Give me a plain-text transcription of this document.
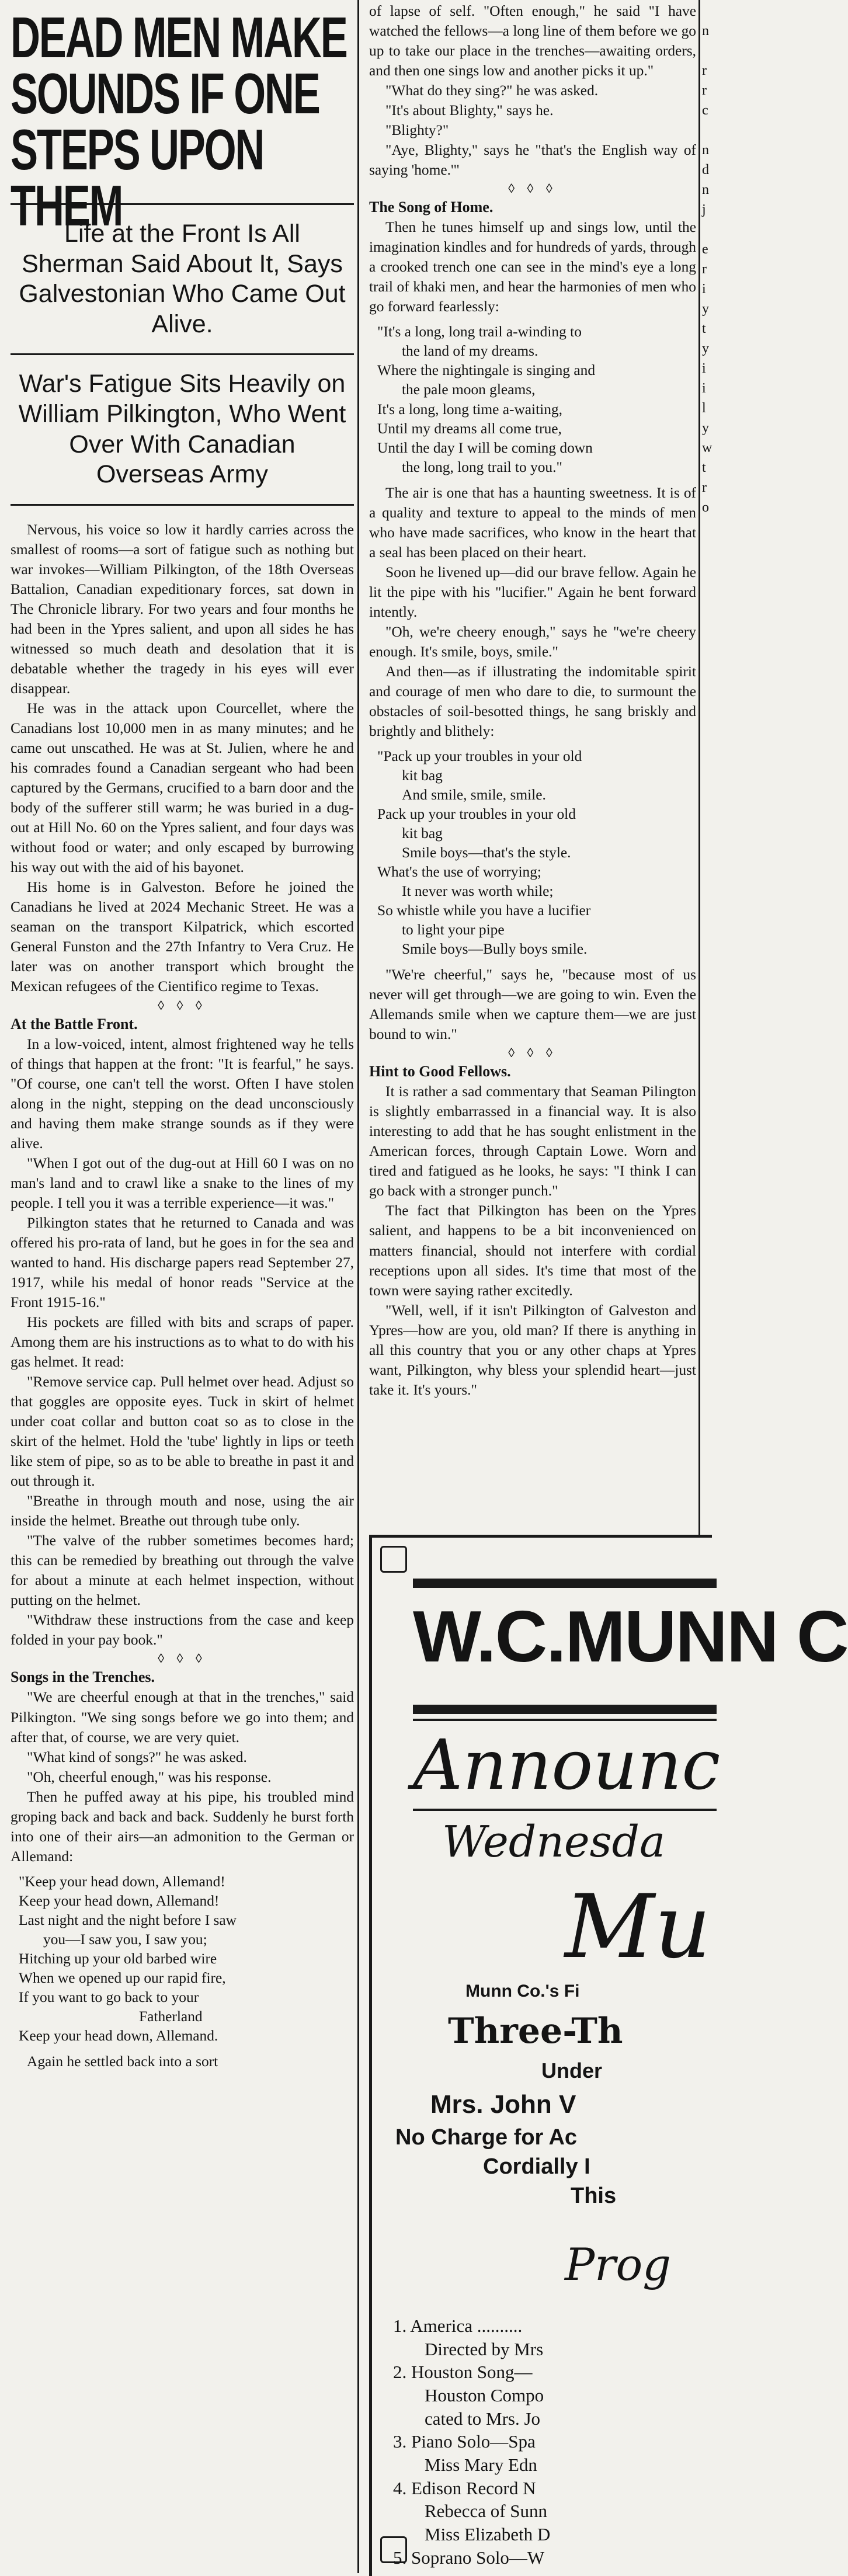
DEAD MEN MAKE SOUNDS IF ONE STEPS UPON THEM
Life at the Front Is All Sherman Said About It, Says Galvestonian Who Came Out Alive.
War's Fatigue Sits Heavily on William Pilkington, Who Went Over With Canadian Overseas Army

Nervous, his voice so low it hardly carries across the smallest of rooms—a sort of fatigue such as nothing but war invokes—William Pilkington, of the 18th Overseas Battalion, Canadian expeditionary forces, sat down in The Chronicle library. For two years and four months he had been in the Ypres salient, and upon all sides he has witnessed so much death and desolation that it is debatable whether the tragedy in his eyes will ever disappear.

He was in the attack upon Courcellet, where the Canadians lost 10,000 men in as many minutes; and he came out unscathed. He was at St. Julien, where he and his comrades found a Canadian sergeant who had been captured by the Germans, crucified to a barn door and the body of the sufferer still warm; he was buried in a dug-out at Hill No. 60 on the Ypres salient, and four days was without food or water; and only escaped by burrowing his way out with the aid of his bayonet.

His home is in Galveston. Before he joined the Canadians he lived at 2024 Mechanic Street. He was a seaman on the transport Kilpatrick, which escorted General Funston and the 27th Infantry to Vera Cruz. He later was on another transport which brought the Mexican refugees of the Cientifico regime to Texas.

◊ ◊ ◊
At the Battle Front.

In a low-voiced, intent, almost frightened way he tells of things that happen at the front: "It is fearful," he says. "Of course, one can't tell the worst. Often I have stolen along in the night, stepping on the dead unconsciously and having them make strange sounds as if they were alive.

"When I got out of the dug-out at Hill 60 I was on no man's land and to crawl like a snake to the lines of my people. I tell you it was a terrible experience—it was."

Pilkington states that he returned to Canada and was offered his pro-rata of land, but he goes in for the sea and wanted to hand. His discharge papers read September 27, 1917, while his medal of honor reads "Service at the Front 1915-16."

His pockets are filled with bits and scraps of paper. Among them are his instructions as to what to do with his gas helmet. It read:

"Remove service cap. Pull helmet over head. Adjust so that goggles are opposite eyes. Tuck in skirt of helmet under coat collar and button coat so as to close in the skirt of the helmet. Hold the 'tube' lightly in lips or teeth like stem of pipe, so as to be able to breathe in past it and out through it.

"Breathe in through mouth and nose, using the air inside the helmet. Breathe out through tube only.

"The valve of the rubber sometimes becomes hard; this can be remedied by breathing out through the valve for about a minute at each helmet inspection, without putting on the helmet.

"Withdraw these instructions from the case and keep folded in your pay book."

◊ ◊ ◊
Songs in the Trenches.

"We are cheerful enough at that in the trenches," said Pilkington. "We sing songs before we go into them; and after that, of course, we are very quiet.

"What kind of songs?" he was asked.

"Oh, cheerful enough," was his response.

Then he puffed away at his pipe, his troubled mind groping back and back and back. Suddenly he burst forth into one of their airs—an admonition to the German or Allemand:

"Keep your head down, Allemand!
Keep your head down, Allemand!
Last night and the night before I saw
you—I saw you, I saw you;
Hitching up your old barbed wire
When we opened up our rapid fire,
If you want to go back to your
Fatherland
Keep your head down, Allemand.

Again he settled back into a sort

of lapse of self. "Often enough," he said "I have watched the fellows—a long line of them before we go up to take our place in the trenches—awaiting orders, and then one sings low and another picks it up."

"What do they sing?" he was asked.

"It's about Blighty," says he.

"Blighty?"

"Aye, Blighty," says he "that's the English way of saying 'home.'"

◊ ◊ ◊
The Song of Home.

Then he tunes himself up and sings low, until the imagination kindles and for hundreds of yards, through a crooked trench one can see in the mind's eye a long trail of khaki men, and hear the harmonies of men who go forward fearlessly:

"It's a long, long trail a-winding to
the land of my dreams.
Where the nightingale is singing and
the pale moon gleams,
It's a long, long time a-waiting,
Until my dreams all come true,
Until the day I will be coming down
the long, long trail to you."

The air is one that has a haunting sweetness. It is of a quality and texture to appeal to the minds of men who have made sacrifices, who know in the heart that a seal has been placed on their heart.

Soon he livened up—did our brave fellow. Again he lit the pipe with his "lucifier." Again he bent forward intently.

"Oh, we're cheery enough," says he "we're cheery enough. It's smile, boys, smile."

And then—as if illustrating the indomitable spirit and courage of men who dare to die, to surmount the obstacles of soil-besotted things, he sang briskly and brightly and blithely:

"Pack up your troubles in your old
kit bag
And smile, smile, smile.
Pack up your troubles in your old
kit bag
Smile boys—that's the style.
What's the use of worrying;
It never was worth while;
So whistle while you have a lucifier
to light your pipe
Smile boys—Bully boys smile.

"We're cheerful," says he, "because most of us never will get through—we are going to win. Even the Allemands smile when we capture them—we are just bound to win."

◊ ◊ ◊
Hint to Good Fellows.

It is rather a sad commentary that Seaman Pilington is slightly embarrassed in a financial way. It is also interesting to add that he has sought enlistment in the American forces, through Captain Lowe. Worn and tired and fatigued as he looks, he says: "I think I can go back with a stronger punch."

The fact that Pilkington has been on the Ypres salient, and happens to be a bit inconvenienced on matters financial, should not interfere with cordial receptions upon all sides. It's time that most of the town were saying rather excitedly.

"Well, well, if it isn't Pilkington of Galveston and Ypres—how are you, old man? If there is anything in all this country that you or any other chaps at Ypres want, Pilkington, why bless your splendid heart—just take it. It's yours."

n
r
r
c
n
d
n
j
e
r
i
y
t
y
i
i
l
y
w
t
r
o
W.C.MUNN C
Announc
Wednesda
Mu
Munn Co.'s Fi
Three-Th
Under
Mrs. John V
No Charge for Ac
Cordially I
This
Prog
1. America ..........
Directed by Mrs
2. Houston Song—
Houston Compo
cated to Mrs. Jo
3. Piano Solo—Spa
Miss Mary Edn
4. Edison Record N
Rebecca of Sunn
Miss Elizabeth D
5. Soprano Solo—W
